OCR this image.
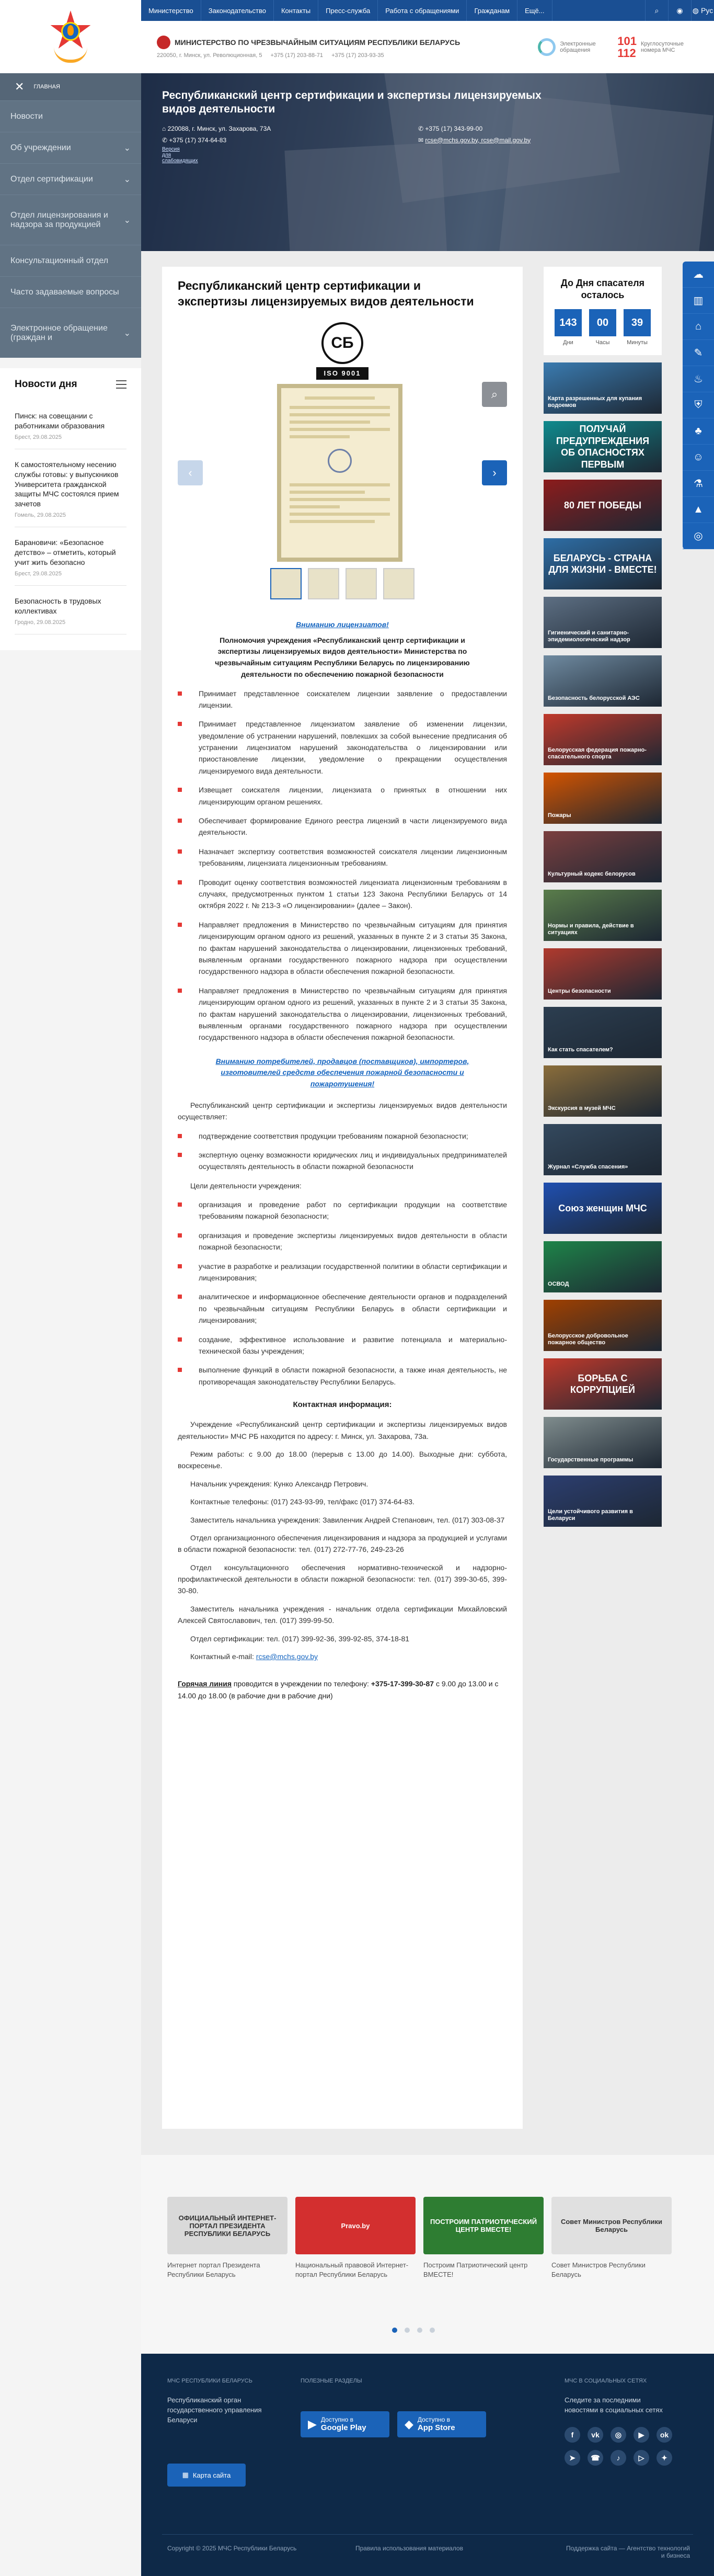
✕ ГЛАВНАЯ
Новости
Об учреждении	⌄
Отдел сертификации	⌄
Отдел лицензирования и надзора за продукцией	⌄
Консультационный отдел
Часто задаваемые вопросы
Электронное обращение (граждан и	⌄
Новости дня
Пинск: на совещании с работниками образования
Брест, 29.08.2025
К самостоятельному несению службы готовы: у выпускников Университета гражданской защиты МЧС состоялся прием зачетов
Гомель, 29.08.2025
Барановичи: «Безопасное детство» – отметить, который учит жить безопасно
Брест, 29.08.2025
Безопасность в трудовых коллективах
Гродно, 29.08.2025
Министерство	Законодательство	Контакты	Пресс-служба	Работа с обращениями	Гражданам	Ещё...	⌕	◉	◍ Рус
МИНИСТЕРСТВО ПО ЧРЕЗВЫЧАЙНЫМ СИТУАЦИЯМ РЕСПУБЛИКИ БЕЛАРУСЬ
220050, г. Минск, ул. Революционная, 5 +375 (17) 203-88-71 +375 (17) 203-93-35
Электронные обращения
101
112
Круглосуточные номера МЧС
Республиканский центр сертификации и экспертизы лицензируемых видов деятельности
⌂ 220088, г. Минск, ул. Захарова, 73А
✆ +375 (17) 374-64-83
✆ +375 (17) 343-99-00
✉ rcse@mchs.gov.by, rcse@mail.gov.by
Версия для слабовидящих
Республиканский центр сертификации и экспертизы лицензируемых видов деятельности
СБ
ISO 9001
‹
⌕
›
Вниманию лицензиатов!
Полномочия учреждения «Республиканский центр сертификации и экспертизы лицензируемых видов деятельности» Министерства по чрезвычайным ситуациям Республики Беларусь по лицензированию деятельности по обеспечению пожарной безопасности
Принимает представленное соискателем лицензии заявление о предоставлении лицензии.
Принимает представленное лицензиатом заявление об изменении лицензии, уведомление об устранении нарушений, повлекших за собой вынесение предписания об устранении лицензиатом нарушений законодательства о лицензировании или приостановление лицензии, уведомление о прекращении осуществления лицензируемого вида деятельности.
Извещает соискателя лицензии, лицензиата о принятых в отношении них лицензирующим органом решениях.
Обеспечивает формирование Единого реестра лицензий в части лицензируемого вида деятельности.
Назначает экспертизу соответствия возможностей соискателя лицензии лицензионным требованиям, лицензиата лицензионным требованиям.
Проводит оценку соответствия возможностей лицензиата лицензионным требованиям в случаях, предусмотренных пунктом 1 статьи 123 Закона Республики Беларусь от 14 октября 2022 г. № 213-З «О лицензировании» (далее – Закон).
Направляет предложения в Министерство по чрезвычайным ситуациям для принятия лицензирующим органом одного из решений, указанных в пункте 2 и 3 статьи 35 Закона, по фактам нарушений законодательства о лицензировании, лицензионных требований, выявленным органами государственного пожарного надзора при осуществлении государственного надзора в области обеспечения пожарной безопасности.
Направляет предложения в Министерство по чрезвычайным ситуациям для принятия лицензирующим органом одного из решений, указанных в пункте 2 и 3 статьи 35 Закона, по фактам нарушений законодательства о лицензировании, лицензионных требований, выявленным органами государственного пожарного надзора при осуществлении государственного надзора в области обеспечения пожарной безопасности.
Вниманию потребителей, продавцов (поставщиков), импортеров, изготовителей средств обеспечения пожарной безопасности и пожаротушения!
Республиканский центр сертификации и экспертизы лицензируемых видов деятельности осуществляет:
подтверждение соответствия продукции требованиям пожарной безопасности;
экспертную оценку возможности юридических лиц и индивидуальных предпринимателей осуществлять деятельность в области пожарной безопасности
Цели деятельности учреждения:
организация и проведение работ по сертификации продукции на соответствие требованиям пожарной безопасности;
организация и проведение экспертизы лицензируемых видов деятельности в области пожарной безопасности;
участие в разработке и реализации государственной политики в области сертификации и лицензирования;
аналитическое и информационное обеспечение деятельности органов и подразделений по чрезвычайным ситуациям Республики Беларусь в области сертификации и лицензирования;
создание, эффективное использование и развитие потенциала и материально-технической базы учреждения;
выполнение функций в области пожарной безопасности, а также иная деятельность, не противоречащая законодательству Республики Беларусь.
Контактная информация:
Учреждение «Республиканский центр сертификации и экспертизы лицензируемых видов деятельности» МЧС РБ находится по адресу: г. Минск, ул. Захарова, 73а.
Режим работы: с 9.00 до 18.00 (перерыв с 13.00 до 14.00). Выходные дни: суббота, воскресенье.
Начальник учреждения: Кунко Александр Петрович.
Контактные телефоны: (017) 243-93-99, тел/факс (017) 374-64-83.
Заместитель начальника учреждения: Завиленчик Андрей Степанович, тел. (017) 303-08-37
Отдел организационного обеспечения лицензирования и надзора за продукцией и услугами в области пожарной безопасности: тел. (017) 272-77-76, 249-23-26
Отдел консультационного обеспечения нормативно-технической и надзорно-профилактической деятельности в области пожарной безопасности: тел. (017) 399-30-65, 399-30-80.
Заместитель начальника учреждения - начальник отдела сертификации Михайловский Алексей Святославович, тел. (017) 399-99-50.
Отдел сертификации: тел. (017) 399-92-36, 399-92-85, 374-18-81
Контактный e-mail: rcse@mchs.gov.by
Горячая линия проводится в учреждении по телефону: +375-17-399-30-87 с 9.00 до 13.00 и с 14.00 до 18.00 (в рабочие дни в рабочие дни)
До Дня спасателя осталось
143
Дни
00
Часы
39
Минуты
Карта разрешенных для купания водоемов
ПОЛУЧАЙ ПРЕДУПРЕЖДЕНИЯ ОБ ОПАСНОСТЯХ ПЕРВЫМ
80 ЛЕТ ПОБЕДЫ
БЕЛАРУСЬ - СТРАНА ДЛЯ ЖИЗНИ - ВМЕСТЕ!
Гигиенический и санитарно-эпидемиологический надзор
Безопасность белорусской АЭС
Белорусская федерация пожарно-спасательного спорта
Пожары
Культурный кодекс белорусов
Нормы и правила, действие в ситуациях
Центры безопасности
Как стать спасателем?
Экскурсия в музей МЧС
Журнал «Служба спасения»
Союз женщин МЧС
ОСВОД
Белорусское добровольное пожарное общество
БОРЬБА С КОРРУПЦИЕЙ
Государственные программы
Цели устойчивого развития в Беларуси
☁
▥
⌂
✎
♨
⛨
♣
☺
⚗
▲
◎
ОФИЦИАЛЬНЫЙ ИНТЕРНЕТ-ПОРТАЛ ПРЕЗИДЕНТА РЕСПУБЛИКИ БЕЛАРУСЬ
Интернет портал Президента Республики Беларусь
Pravo.by
Национальный правовой Интернет-портал Республики Беларусь
ПОСТРОИМ ПАТРИОТИЧЕСКИЙ ЦЕНТР ВМЕСТЕ!
Построим Патриотический центр ВМЕСТЕ!
Совет Министров Республики Беларусь
Совет Министров Республики Беларусь
МЧС РЕСПУБЛИКИ БЕЛАРУСЬ
Республиканский орган государственного управления Беларуси
ПОЛЕЗНЫЕ РАЗДЕЛЫ
▶ Доступно в
Google Play	◆ Доступно в
App Store
▦ Карта сайта
МЧС В СОЦИАЛЬНЫХ СЕТЯХ
Следите за последними новостями в социальных сетях
f	vk	◎	▶	ok
➤	☎	♪	▷	✦
Copyright © 2025 МЧС Республики Беларусь	Правила использования материалов	Поддержка сайта — Агентство технологий и бизнеса
